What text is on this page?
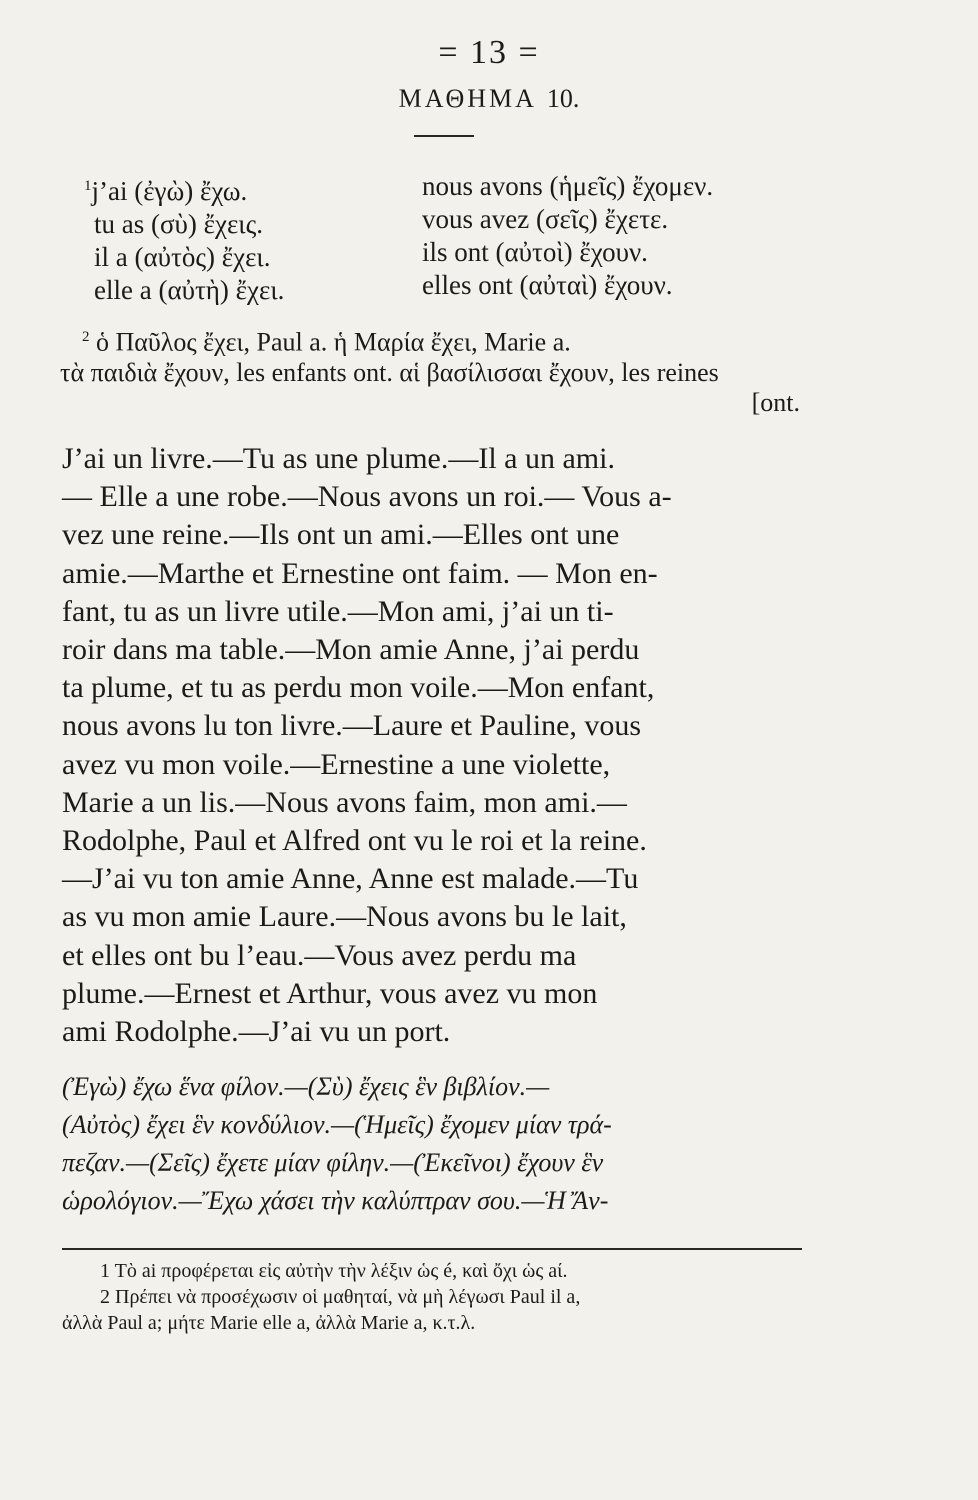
= 13 =
ΜΑΘΗΜΑ 10.
$^1$j’ai (ἐγὼ) ἔχω.
tu as (σὺ) ἔχεις.
il a (αὐτὸς) ἔχει.
elle a (αὐτὴ) ἔχει.
nous avons (ἡμεῖς) ἔχομεν.
vous avez (σεῖς) ἔχετε.
ils ont (αὐτοὶ) ἔχουν.
elles ont (αὐταὶ) ἔχουν.
$^2$ ὁ Παῦλος ἔχει, Paul a. ἡ Μαρία ἔχει, Marie a.
τὰ παιδιὰ ἔχουν, les enfants ont. αἱ βασίλισσαι ἔχουν, les reines
[ont.
J’ai un livre.—Tu as une plume.—Il a un ami.
— Elle a une robe.—Nous avons un roi.— Vous a-
vez une reine.—Ils ont un ami.—Elles ont une
amie.—Marthe et Ernestine ont faim. — Mon en-
fant, tu as un livre utile.—Mon ami, j’ai un ti-
roir dans ma table.—Mon amie Anne, j’ai perdu
ta plume, et tu as perdu mon voile.—Mon enfant,
nous avons lu ton livre.—Laure et Pauline, vous
avez vu mon voile.—Ernestine a une violette,
Marie a un lis.—Nous avons faim, mon ami.—
Rodolphe, Paul et Alfred ont vu le roi et la reine.
—J’ai vu ton amie Anne, Anne est malade.—Tu
as vu mon amie Laure.—Nous avons bu le lait,
et elles ont bu l’eau.—Vous avez perdu ma
plume.—Ernest et Arthur, vous avez vu mon
ami Rodolphe.—J’ai vu un port.
(Ἐγὼ) ἔχω ἕνα φίλον.—(Σὺ) ἔχεις ἓν βιβλίον.—
(Αὐτὸς) ἔχει ἓν κονδύλιον.—(Ἡμεῖς) ἔχομεν μίαν τρά-
πεζαν.—(Σεῖς) ἔχετε μίαν φίλην.—(Ἐκεῖνοι) ἔχουν ἓν
ὡρολόγιον.—Ἔχω χάσει τὴν καλύπτραν σου.—Ἡ Ἄν-
1 Τὸ ai προφέρεται εἰς αὐτὴν τὴν λέξιν ὡς é, καὶ ὄχι ὡς aί.
2 Πρέπει νὰ προσέχωσιν οἱ μαθηταί, νὰ μὴ λέγωσι Paul il a,
ἀλλὰ Paul a; μήτε Marie elle a, ἀλλὰ Marie a, κ.τ.λ.
